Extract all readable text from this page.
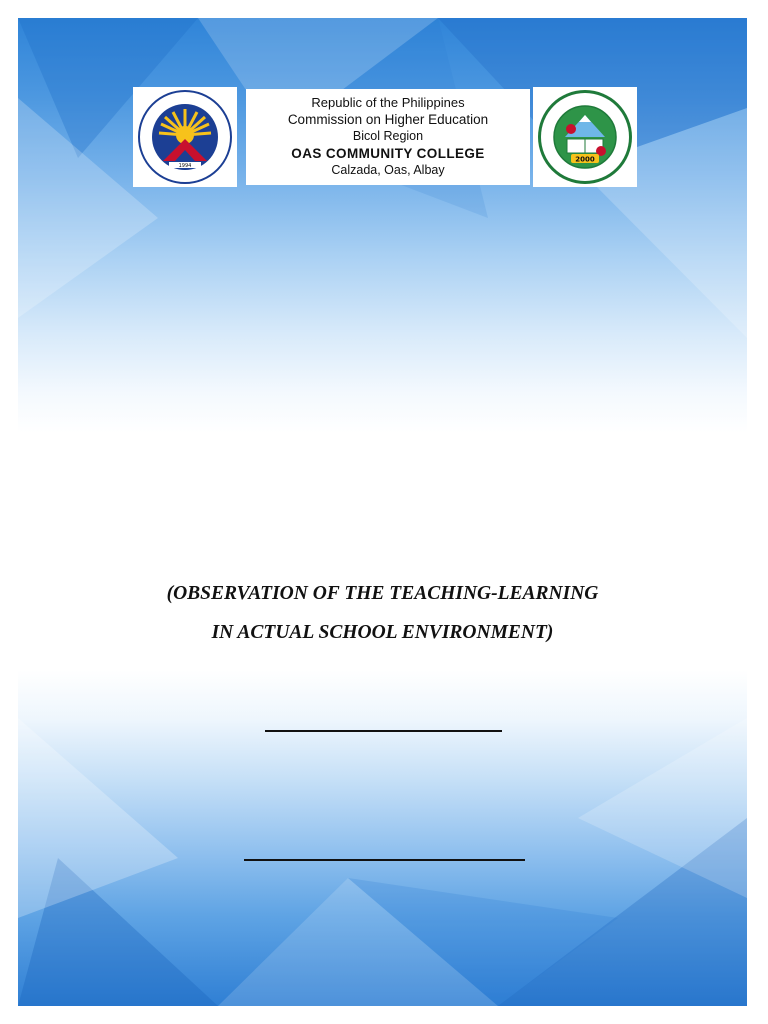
1994
Republic of the Philippines
Commission on Higher Education
Bicol Region
OAS COMMUNITY COLLEGE
Calzada, Oas, Albay
2000
(OBSERVATION OF THE TEACHING-LEARNING
IN ACTUAL SCHOOL ENVIRONMENT)
